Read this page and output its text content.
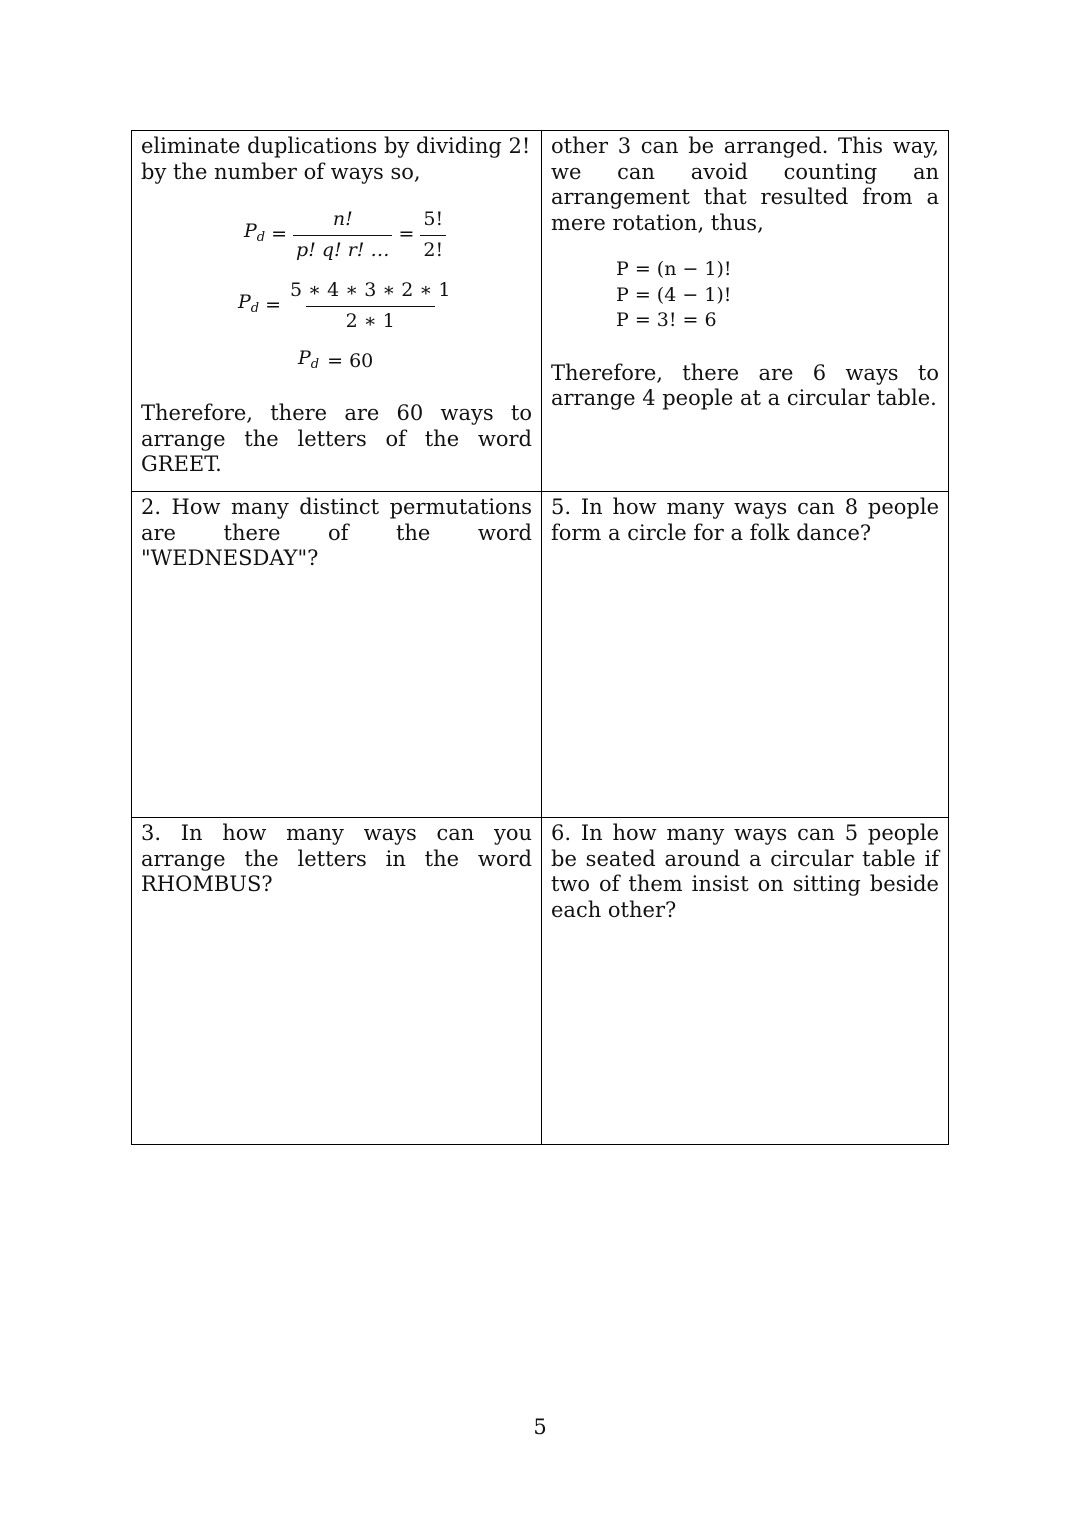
eliminate duplications by dividing 2!

by the number of ways so,

$P_d = \frac{n!}{p! q! r! \dots} = \frac{5!}{2!}$
$P_d = \frac{5 ∗ 4 ∗ 3 ∗ 2 ∗ 1}{2 ∗ 1}$
$P_d = 60$

Therefore, there are 60 ways to arrange the letters of the word GREET.

other 3 can be arranged. This way, we can avoid counting an arrangement that resulted from a mere rotation, thus,

P = (n − 1)!
P = (4 − 1)!
P = 3! = 6

Therefore, there are 6 ways to arrange 4 people at a circular table.

2. How many distinct permutations are there of the word "WEDNESDAY"?

5. In how many ways can 8 people form a circle for a folk dance?

3. In how many ways can you arrange the letters in the word RHOMBUS?

6. In how many ways can 5 people be seated around a circular table if two of them insist on sitting beside each other?

5
